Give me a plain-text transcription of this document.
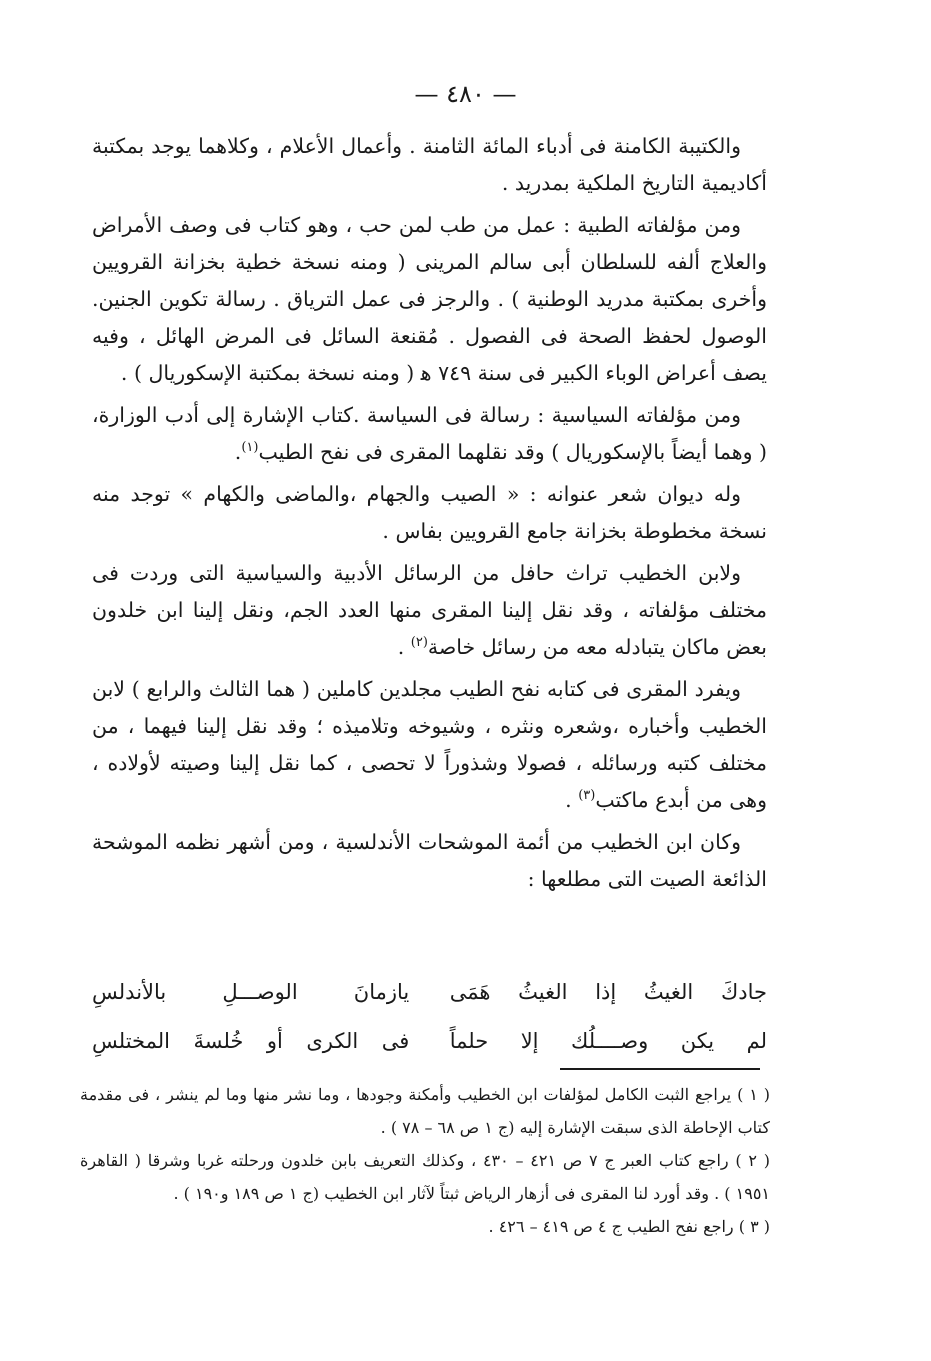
— ٤٨٠ —

والكتيبة الكامنة فى أدباء المائة الثامنة . وأعمال الأعلام ، وكلاهما يوجد بمكتبة أكاديمية التاريخ الملكية بمدريد .

ومن مؤلفاته الطبية : عمل من طب لمن حب ، وهو كتاب فى وصف الأمراض والعلاج ألفه للسلطان أبى سالم المرينى ( ومنه نسخة خطية بخزانة القرويين وأخرى بمكتبة مدريد الوطنية ) . والرجز فى عمل الترياق . رسالة تكوين الجنين. الوصول لحفظ الصحة فى الفصول . مُقنعة السائل فى المرض الهائل ، وفيه يصف أعراض الوباء الكبير فى سنة ٧٤٩ ﻫ ( ومنه نسخة بمكتبة الإسكوريال ) .

ومن مؤلفاته السياسية : رسالة فى السياسة .كتاب الإشارة إلى أدب الوزارة، ( وهما أيضاً بالإسكوريال ) وقد نقلهما المقرى فى نفح الطيب$^{(١)}$.

وله ديوان شعر عنوانه : « الصيب والجهام ،والماضى والكهام » توجد منه نسخة مخطوطة بخزانة جامع القرويين بفاس .

ولابن الخطيب تراث حافل من الرسائل الأدبية والسياسية التى وردت فى مختلف مؤلفاته ، وقد نقل إلينا المقرى منها العدد الجم، ونقل إلينا ابن خلدون بعض ماكان يتبادله معه من رسائل خاصة$^{(٢)}$ .

ويفرد المقرى فى كتابه نفح الطيب مجلدين كاملين ( هما الثالث والرابع ) لابن الخطيب وأخباره ،وشعره ونثره ، وشيوخه وتلاميذه ؛ وقد نقل إلينا فيهما ، من مختلف كتبه ورسائله ، فصولا وشذوراً لا تحصى ، كما نقل إلينا وصيته لأولاده ، وهى من أبدع ماكتب$^{(٣)}$ .

وكان ابن الخطيب من أئمة الموشحات الأندلسية ، ومن أشهر نظمه الموشحة الذائعة الصيت التى مطلعها :

جادكَ الغيثُ إذا الغيثُ هَمَى
يازمانَ الوصـــلِ بالأندلسِ
لم يكن وصــــلُك إلا حلماً
فى الكرى أو خُلسةَ المختلسِ

( ١ ) يراجع الثبت الكامل لمؤلفات ابن الخطيب وأمكنة وجودها ، وما نشر منها وما لم ينشر ، فى مقدمة كتاب الإحاطة الذى سبقت الإشارة إليه (ج ١ ص ٦٨ – ٧٨ ) .

( ٢ ) راجع كتاب العبر ج ٧ ص ٤٢١ – ٤٣٠ ، وكذلك التعريف بابن خلدون ورحلته غربا وشرقا ( القاهرة ١٩٥١ ) . وقد أورد لنا المقرى فى أزهار الرياض ثبتاً لآثار ابن الخطيب (ج ١ ص ١٨٩ و١٩٠ ) .

( ٣ ) راجع نفح الطيب ج ٤ ص ٤١٩ – ٤٢٦ .
